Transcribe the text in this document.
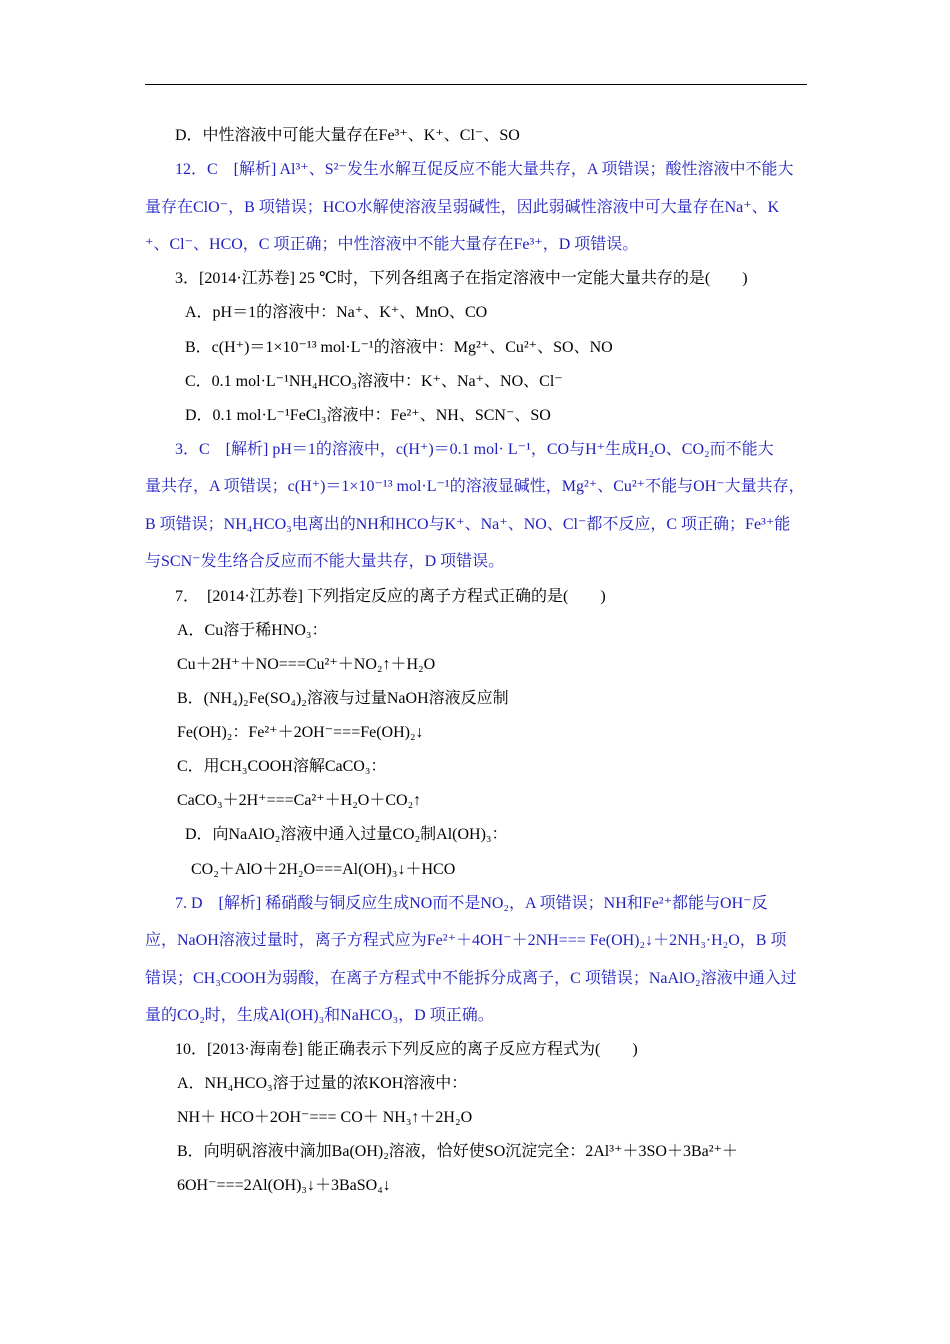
D．中性溶液中可能大量存在Fe³⁺、K⁺、Cl⁻、SO
12．C　[解析] Al³⁺、S²⁻发生水解互促反应不能大量共存，A 项错误；酸性溶液中不能大
量存在ClO⁻，B 项错误；HCO水解使溶液呈弱碱性，因此弱碱性溶液中可大量存在Na⁺、K
⁺、Cl⁻、HCO，C 项正确；中性溶液中不能大量存在Fe³⁺，D 项错误。
3．[2014·江苏卷] 25 ℃时，下列各组离子在指定溶液中一定能大量共存的是(　　)
A．pH＝1的溶液中：Na⁺、K⁺、MnO、CO
B．c(H⁺)＝1×10⁻¹³ mol·L⁻¹的溶液中：Mg²⁺、Cu²⁺、SO、NO
C．0.1 mol·L⁻¹NH₄HCO₃溶液中：K⁺、Na⁺、NO、Cl⁻
D．0.1 mol·L⁻¹FeCl₃溶液中：Fe²⁺、NH、SCN⁻、SO
3．C　[解析] pH＝1的溶液中，c(H⁺)＝0.1 mol· L⁻¹，CO与H⁺生成H₂O、CO₂而不能大
量共存，A 项错误；c(H⁺)＝1×10⁻¹³ mol·L⁻¹的溶液显碱性，Mg²⁺、Cu²⁺不能与OH⁻大量共存，
B 项错误；NH₄HCO₃电离出的NH和HCO与K⁺、Na⁺、NO、Cl⁻都不反应，C 项正确；Fe³⁺能
与SCN⁻发生络合反应而不能大量共存，D 项错误。
7．　[2014·江苏卷] 下列指定反应的离子方程式正确的是(　　)
A．Cu溶于稀HNO₃：
Cu＋2H⁺＋NO===Cu²⁺＋NO₂↑＋H₂O
B．(NH₄)₂Fe(SO₄)₂溶液与过量NaOH溶液反应制
Fe(OH)₂：Fe²⁺＋2OH⁻===Fe(OH)₂↓
C．用CH₃COOH溶解CaCO₃：
CaCO₃＋2H⁺===Ca²⁺＋H₂O＋CO₂↑
D．向NaAlO₂溶液中通入过量CO₂制Al(OH)₃：
CO₂＋AlO＋2H₂O===Al(OH)₃↓＋HCO
7. D　[解析] 稀硝酸与铜反应生成NO而不是NO₂，A 项错误；NH和Fe²⁺都能与OH⁻反
应，NaOH溶液过量时，离子方程式应为Fe²⁺＋4OH⁻＋2NH=== Fe(OH)₂↓＋2NH₃·H₂O，B 项
错误；CH₃COOH为弱酸，在离子方程式中不能拆分成离子，C 项错误；NaAlO₂溶液中通入过
量的CO₂时，生成Al(OH)₃和NaHCO₃，D 项正确。
10．[2013·海南卷] 能正确表示下列反应的离子反应方程式为(　　)
A．NH₄HCO₃溶于过量的浓KOH溶液中：
NH＋ HCO＋2OH⁻=== CO＋ NH₃↑＋2H₂O
B．向明矾溶液中滴加Ba(OH)₂溶液，恰好使SO沉淀完全：2Al³⁺＋3SO＋3Ba²⁺＋
6OH⁻===2Al(OH)₃↓＋3BaSO₄↓
